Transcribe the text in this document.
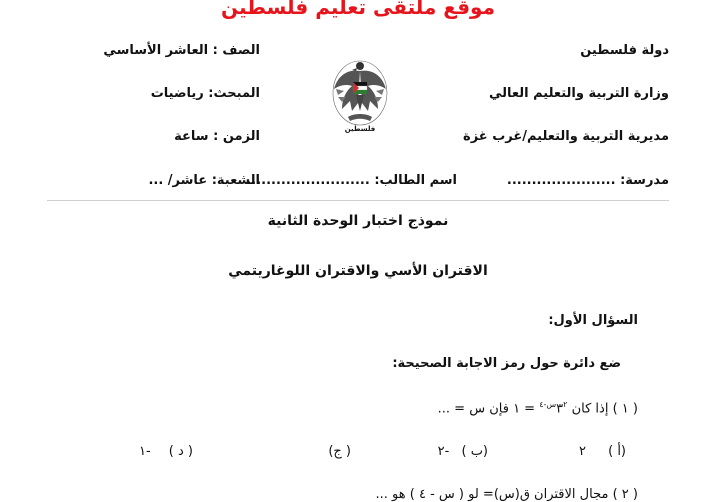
موقع ملتقى تعليم فلسطين
دولة فلسطين
وزارة التربية والتعليم العالي
مديرية التربية والتعليم/غرب غزة
مدرسة: ......................
اسم الطالب: .........................
الصف : العاشر الأساسي
المبحث: رياضيات
الزمن : ساعة
الشعبة: عاشر/ ...
فلسطين
نموذج اختبار الوحدة الثانية
الاقتران الأسي والاقتران اللوغاريتمي
السؤال الأول:
ضع دائرة حول رمز الاجابة الصحيحة:
( ١ ) إذا كان $٣^{٢س-٤}$ = ١ فإن س = ...
(أ ) ٢
(ب ) -٢
( ج)
( د ) -١
( ٢ ) مجال الاقتران ق(س)= لو ( س - ٤ ) هو ...
